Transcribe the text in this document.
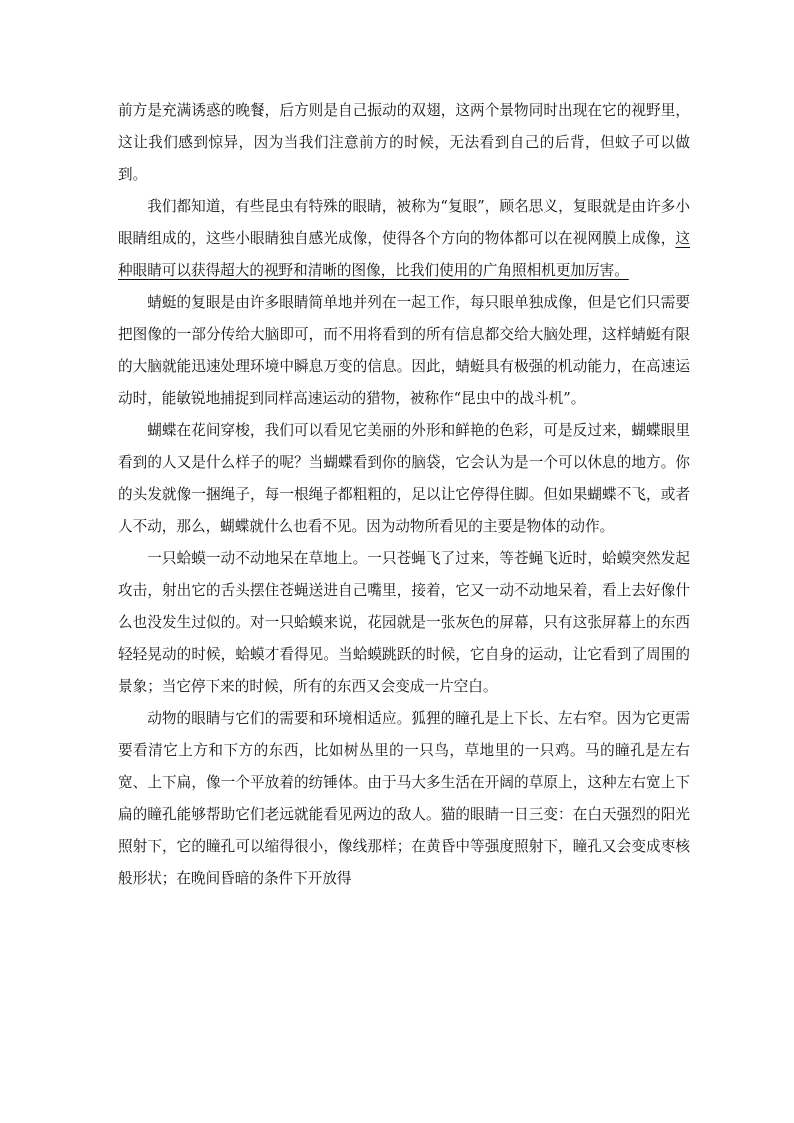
前方是充满诱惑的晚餐，后方则是自己振动的双翅，这两个景物同时出现在它的视野里，这让我们感到惊异，因为当我们注意前方的时候，无法看到自己的后背，但蚊子可以做到。

我们都知道，有些昆虫有特殊的眼睛，被称为“复眼”，顾名思义，复眼就是由许多小眼睛组成的，这些小眼睛独自感光成像，使得各个方向的物体都可以在视网膜上成像，这种眼睛可以获得超大的视野和清晰的图像，比我们使用的广角照相机更加厉害。

蜻蜓的复眼是由许多眼睛简单地并列在一起工作，每只眼单独成像，但是它们只需要把图像的一部分传给大脑即可，而不用将看到的所有信息都交给大脑处理，这样蜻蜓有限的大脑就能迅速处理环境中瞬息万变的信息。因此，蜻蜓具有极强的机动能力，在高速运动时，能敏锐地捕捉到同样高速运动的猎物，被称作“昆虫中的战斗机”。

蝴蝶在花间穿梭，我们可以看见它美丽的外形和鲜艳的色彩，可是反过来，蝴蝶眼里看到的人又是什么样子的呢？当蝴蝶看到你的脑袋，它会认为是一个可以休息的地方。你的头发就像一捆绳子，每一根绳子都粗粗的，足以让它停得住脚。但如果蝴蝶不飞，或者人不动，那么，蝴蝶就什么也看不见。因为动物所看见的主要是物体的动作。

一只蛤蟆一动不动地呆在草地上。一只苍蝇飞了过来，等苍蝇飞近时，蛤蟆突然发起攻击，射出它的舌头摆住苍蝇送进自己嘴里，接着，它又一动不动地呆着，看上去好像什么也没发生过似的。对一只蛤蟆来说，花园就是一张灰色的屏幕，只有这张屏幕上的东西轻轻晃动的时候，蛤蟆才看得见。当蛤蟆跳跃的时候，它自身的运动，让它看到了周围的景象；当它停下来的时候，所有的东西又会变成一片空白。

动物的眼睛与它们的需要和环境相适应。狐狸的瞳孔是上下长、左右窄。因为它更需要看清它上方和下方的东西，比如树丛里的一只鸟，草地里的一只鸡。马的瞳孔是左右宽、上下扁，像一个平放着的纺锤体。由于马大多生活在开阔的草原上，这种左右宽上下扁的瞳孔能够帮助它们老远就能看见两边的敌人。猫的眼睛一日三变：在白天强烈的阳光照射下，它的瞳孔可以缩得很小，像线那样；在黄昏中等强度照射下，瞳孔又会变成枣核般形状；在晚间昏暗的条件下开放得
